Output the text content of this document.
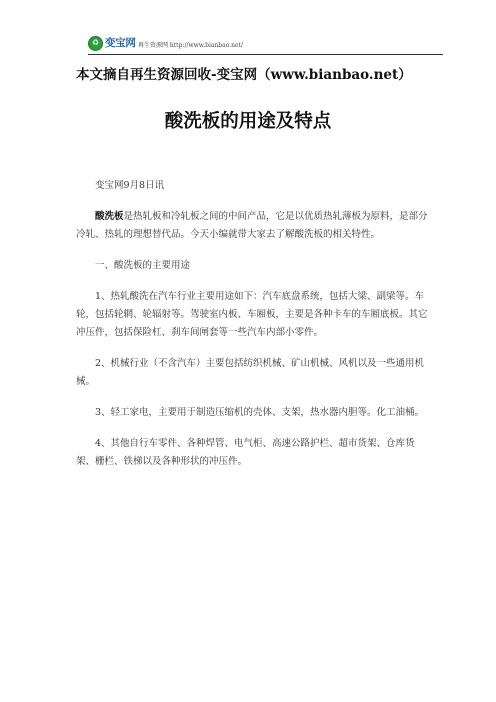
♻ 变宝网 再生资源网 http://www.bianbao.net/
本文摘自再生资源回收-变宝网（www.bianbao.net）
酸洗板的用途及特点

变宝网9月8日讯

酸洗板是热轧板和冷轧板之间的中间产品，它是以优质热轧薄板为原料，是部分冷轧、热轧的理想替代品。今天小编就带大家去了解酸洗板的相关特性。

一、酸洗板的主要用途

1、热轧酸洗在汽车行业主要用途如下：汽车底盘系统，包括大梁、副梁等。车轮，包括轮辋、轮辐射等。驾驶室内板、车厢板，主要是各种卡车的车厢底板。其它冲压件，包括保险杠、刹车间闸套等一些汽车内部小零件。

2、机械行业（不含汽车）主要包括纺织机械、矿山机械、风机以及一些通用机械。

3、轻工家电，主要用于制造压缩机的壳体、支架，热水器内胆等。化工油桶。

4、其他自行车零件、各种焊管、电气柜、高速公路护栏、超市货架、仓库货架、栅栏、铁梯以及各种形状的冲压件。
